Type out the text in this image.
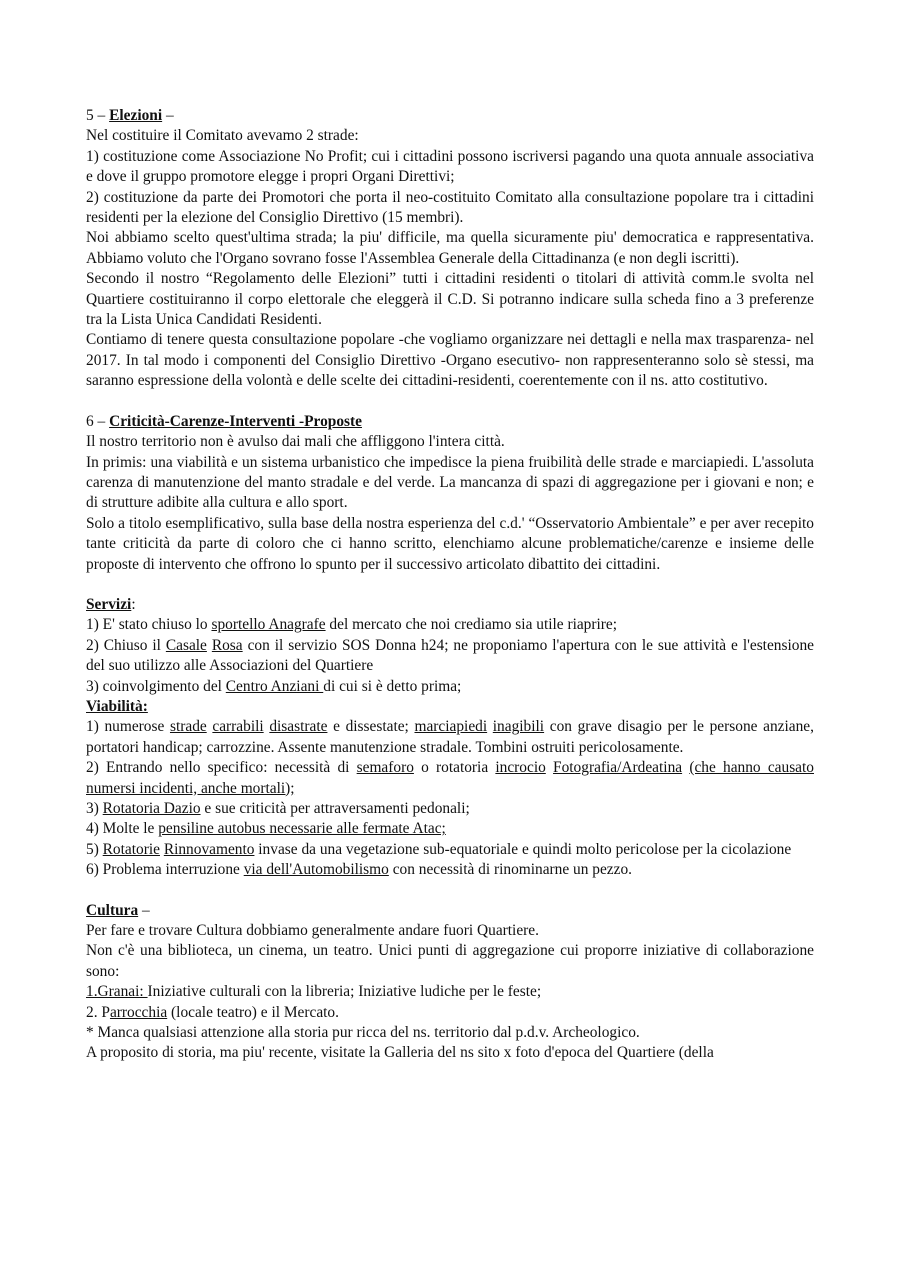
5 – Elezioni –

Nel costituire il Comitato avevamo 2 strade:

1) costituzione come Associazione No Profit; cui i cittadini possono iscriversi pagando una quota annuale associativa e dove il gruppo promotore elegge i propri Organi Direttivi;

2) costituzione da parte dei Promotori che porta il neo-costituito Comitato alla consultazione popolare tra i cittadini residenti per la elezione del Consiglio Direttivo (15 membri).

Noi abbiamo scelto quest'ultima strada; la piu' difficile, ma quella sicuramente piu' democratica e rappresentativa. Abbiamo voluto che l'Organo sovrano fosse l'Assemblea Generale della Cittadinanza (e non degli iscritti).

Secondo il nostro “Regolamento delle Elezioni” tutti i cittadini residenti o titolari di attività comm.le svolta nel Quartiere costituiranno il corpo elettorale che eleggerà il C.D. Si potranno indicare sulla scheda fino a 3 preferenze tra la Lista Unica Candidati Residenti.

Contiamo di tenere questa consultazione popolare -che vogliamo organizzare nei dettagli e nella max trasparenza- nel 2017. In tal modo i componenti del Consiglio Direttivo -Organo esecutivo- non rappresenteranno solo sè stessi, ma saranno espressione della volontà e delle scelte dei cittadini-residenti, coerentemente con il ns. atto costitutivo.

6 – Criticità-Carenze-Interventi -Proposte

Il nostro territorio non è avulso dai mali che affliggono l'intera città.

In primis: una viabilità e un sistema urbanistico che impedisce la piena fruibilità delle strade e marciapiedi. L'assoluta carenza di manutenzione del manto stradale e del verde. La mancanza di spazi di aggregazione per i giovani e non; e di strutture adibite alla cultura e allo sport.

Solo a titolo esemplificativo, sulla base della nostra esperienza del c.d.' “Osservatorio Ambientale” e per aver recepito tante criticità da parte di coloro che ci hanno scritto, elenchiamo alcune problematiche/carenze e insieme delle proposte di intervento che offrono lo spunto per il successivo articolato dibattito dei cittadini.

Servizi:

1) E' stato chiuso lo sportello Anagrafe del mercato che noi crediamo sia utile riaprire;

2) Chiuso il Casale Rosa con il servizio SOS Donna h24; ne proponiamo l'apertura con le sue attività e l'estensione del suo utilizzo alle Associazioni del Quartiere

3) coinvolgimento del Centro Anziani di cui si è detto prima;

Viabilità:

1) numerose strade carrabili disastrate e dissestate; marciapiedi inagibili con grave disagio per le persone anziane, portatori handicap; carrozzine. Assente manutenzione stradale. Tombini ostruiti pericolosamente.

2) Entrando nello specifico: necessità di semaforo o rotatoria incrocio Fotografia/Ardeatina (che hanno causato numersi incidenti, anche mortali);

3) Rotatoria Dazio e sue criticità per attraversamenti pedonali;

4) Molte le pensiline autobus necessarie alle fermate Atac;

5) Rotatorie Rinnovamento invase da una vegetazione sub-equatoriale e quindi molto pericolose per la cicolazione

6) Problema interruzione via dell'Automobilismo con necessità di rinominarne un pezzo.

Cultura –

Per fare e trovare Cultura dobbiamo generalmente andare fuori Quartiere.

Non c'è una biblioteca, un cinema, un teatro. Unici punti di aggregazione cui proporre iniziative di collaborazione sono:

1.Granai: Iniziative culturali con la libreria; Iniziative ludiche per le feste;

2. Parrocchia (locale teatro) e il Mercato.

* Manca qualsiasi attenzione alla storia pur ricca del ns. territorio dal p.d.v. Archeologico.

A proposito di storia, ma piu' recente, visitate la Galleria del ns sito x foto d'epoca del Quartiere (della
